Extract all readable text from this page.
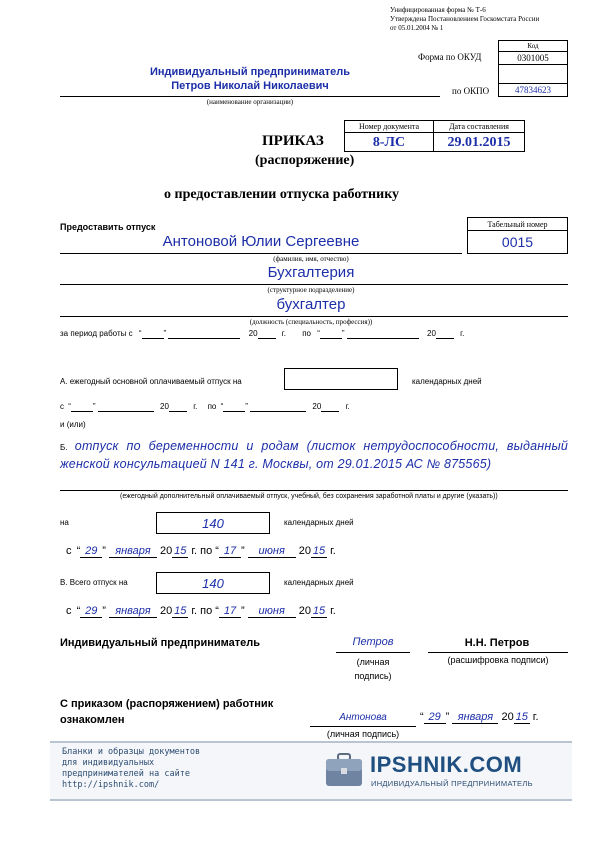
Унифицированная форма № Т-6
Утверждена Постановлением Госкомстата России
от 05.01.2004 № 1
Код
Форма по ОКУД	0301005
по ОКПО	47834623
Индивидуальный предприниматель
Петров Николай Николаевич
(наименование организации)
ПРИКАЗ
(распоряжение)
Номер документа	Дата составления
8-ЛС	29.01.2015
о предоставлении отпуска работнику
Предоставить отпуск	Табельный номер
0015
Антоновой Юлии Сергеевне
(фамилия, имя, отчество)
Бухгалтерия
(структурное подразделение)
бухгалтер
(должность (специальность, профессия))
за период работы с “	”	20	г. по “	”	20	г.
А. ежегодный основной оплачиваемый отпуск на	календарных дней
с “	”	20	г. по “	”	20	г.
и (или)
Б. отпуск по беременности и родам (листок нетрудоспособности, выданный женской консультацией N 141 г. Москвы, от 29.01.2015 АС № 875565)
(ежегодный дополнительный оплачиваемый отпуск, учебный, без сохранения заработной платы и другие (указать))
на	140	календарных дней
с “ 29 ” января 20 15 г. по “ 17 ” июня 20 15 г.
В. Всего отпуск на	140	календарных дней
с “ 29 ” января 20 15 г. по “ 17 ” июня 20 15 г.
Индивидуальный предприниматель	Петров
(личная
подпись)
Н.Н. Петров
(расшифровка подписи)
С приказом (распоряжением) работник
ознакомлен	Антонова
(личная подпись)
“ 29 ” января 20 15 г.
Бланки и образцы документов
для индивидуальных
предпринимателей на сайте
http://ipshnik.com/
IPSHNIK.COM
ИНДИВИДУАЛЬНЫЙ ПРЕДПРИНИМАТЕЛЬ
